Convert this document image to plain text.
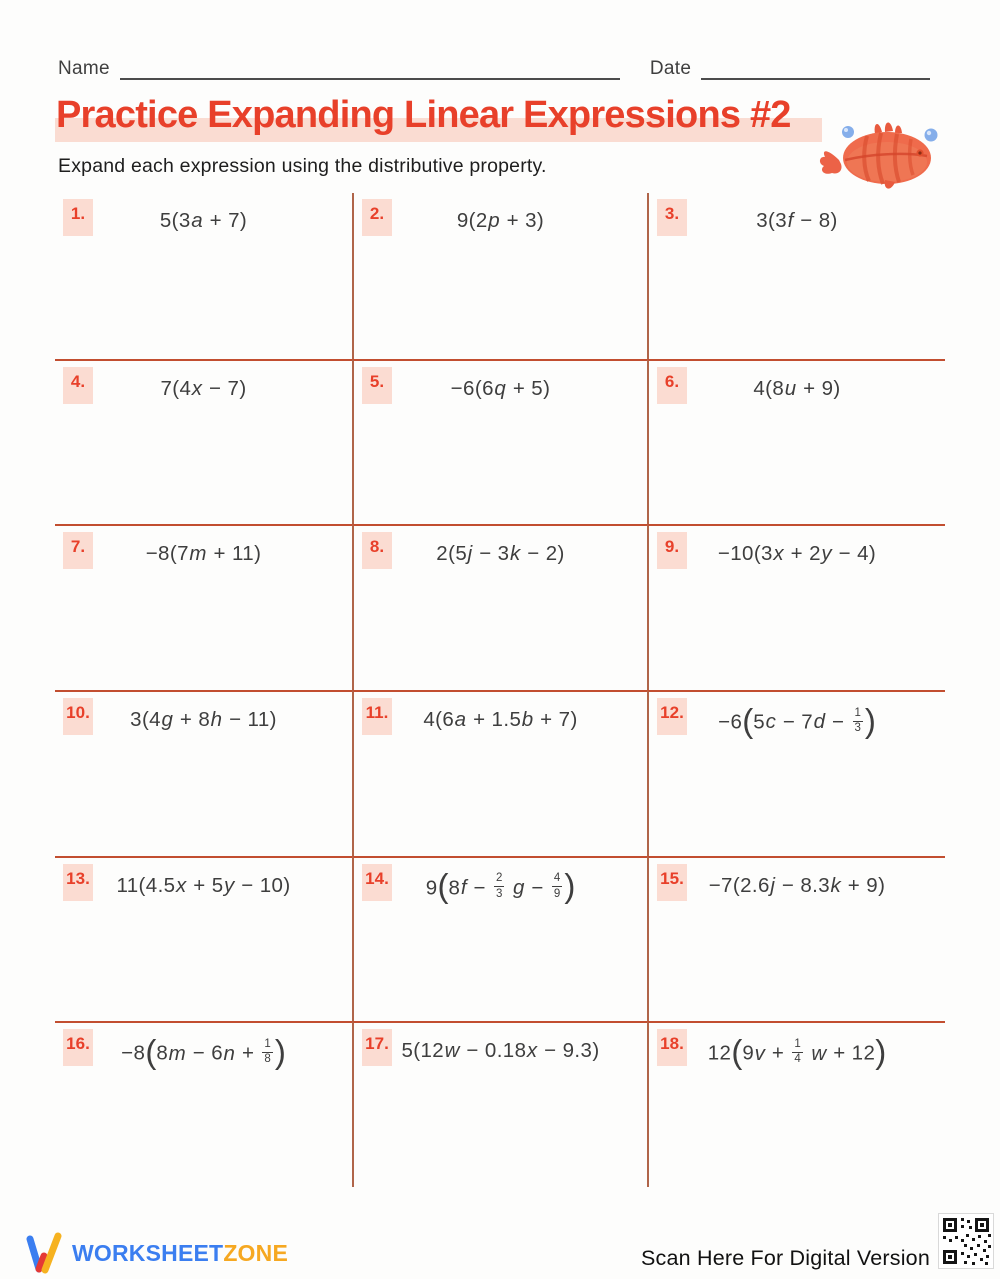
Name	Date
Practice Expanding Linear Expressions #2
Expand each expression using the distributive property.
1.	5(3a + 7)	2.	9(2p + 3)	3.	3(3f − 8)
4.	7(4x − 7)	5.	−6(6q + 5)	6.	4(8u + 9)
7.	−8(7m + 11)	8.	2(5j − 3k − 2)	9.	−10(3x + 2y − 4)
10.	3(4g + 8h − 11)	11.	4(6a + 1.5b + 7)	12.	$-6(5c - 7d - \frac{1}{3}$ )
13.	11(4.5x + 5y − 10)	14.	$9(8f - \frac{2}{3}$ $g - \frac{4}{9}$ )	15.	−7(2.6j − 8.3k + 9)
16.	$-8(8m - 6n + \frac{1}{8}$ )	17. 5(12w − 0.18x − 9.3)	18.	$12(9v + \frac{1}{4}$ w + 12)
WORKSHEETZONE	Scan Here For Digital Version
